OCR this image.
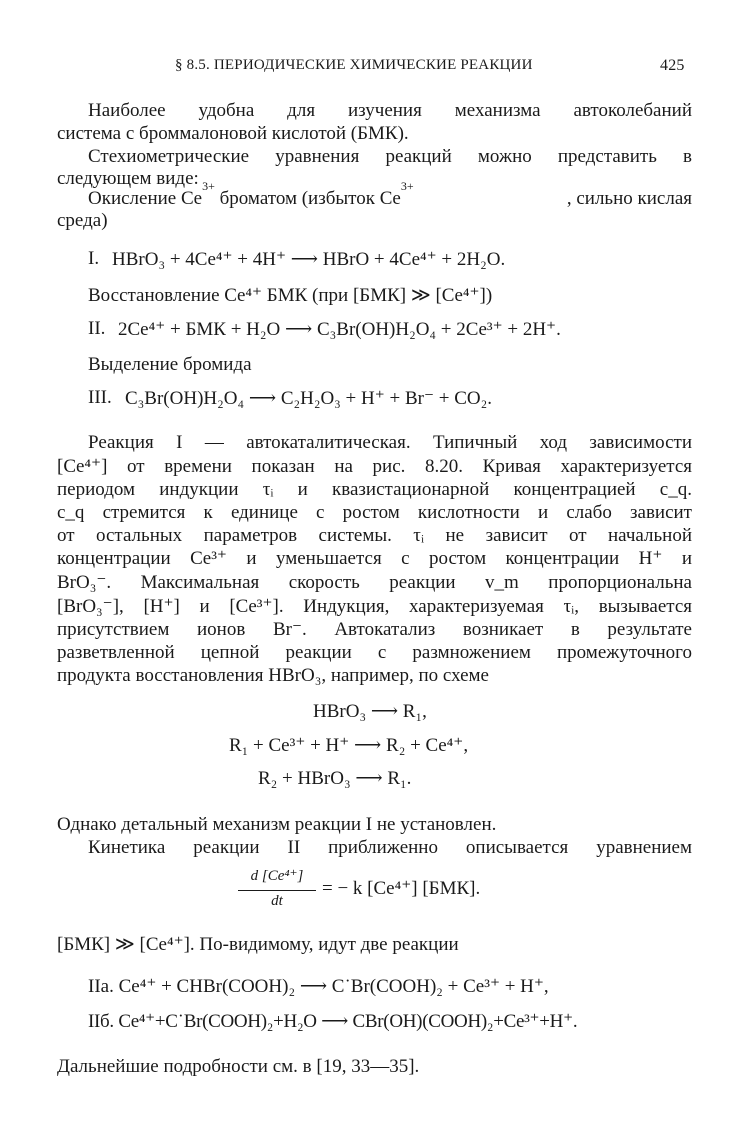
§ 8.5. ПЕРИОДИЧЕСКИЕ ХИМИЧЕСКИЕ РЕАКЦИИ	425
Наиболее удобна для изучения механизма автоколебаний
система с броммалоновой кислотой (БМК).
Стехиометрические уравнения реакций можно представить в
следующем виде:
Окисление Ce
3+
броматом (избыток Ce
3+
, сильно кислая
среда)
I. HBrO₃ + 4Ce⁴⁺ + 4H⁺ ⟶ HBrO + 4Ce⁴⁺ + 2H₂O.
Восстановление Ce⁴⁺ БМК (при [БМК] ≫ [Ce⁴⁺])
II. 2Ce⁴⁺ + БМК + H₂O ⟶ C₃Br(OH)H₂O₄ + 2Ce³⁺ + 2H⁺.
Выделение бромида
III. C₃Br(OH)H₂O₄ ⟶ C₂H₂O₃ + H⁺ + Br⁻ + CO₂.
Реакция I — автокаталитическая. Типичный ход зависимости
[Ce⁴⁺] от времени показан на рис. 8.20. Кривая характеризуется
периодом индукции τᵢ и квазистационарной концентрацией c_q.
c_q стремится к единице с ростом кислотности и слабо зависит
от остальных параметров системы. τᵢ не зависит от начальной
концентрации Ce³⁺ и уменьшается с ростом концентрации H⁺ и
BrO₃⁻. Максимальная скорость реакции v_m пропорциональна
[BrO₃⁻], [H⁺] и [Ce³⁺]. Индукция, характеризуемая τᵢ, вызывается
присутствием ионов Br⁻. Автокатализ возникает в результате
разветвленной цепной реакции с размножением промежуточного
продукта восстановления HBrO₃, например, по схеме
HBrO₃ ⟶ R₁,
R₁ + Ce³⁺ + H⁺ ⟶ R₂ + Ce⁴⁺,
R₂ + HBrO₃ ⟶ R₁.
Однако детальный механизм реакции I не установлен.
Кинетика реакции II приближенно описывается уравнением
d [Ce⁴⁺]
dt
= − k [Ce⁴⁺] [БМК].
[БМК] ≫ [Ce⁴⁺]. По-видимому, идут две реакции
IIa. Ce⁴⁺ + CHBr(COOH)₂ ⟶ C˙Br(COOH)₂ + Ce³⁺ + H⁺,
IIб. Ce⁴⁺+C˙Br(COOH)₂+H₂O ⟶ CBr(OH)(COOH)₂+Ce³⁺+H⁺.
Дальнейшие подробности см. в [19, 33—35].
